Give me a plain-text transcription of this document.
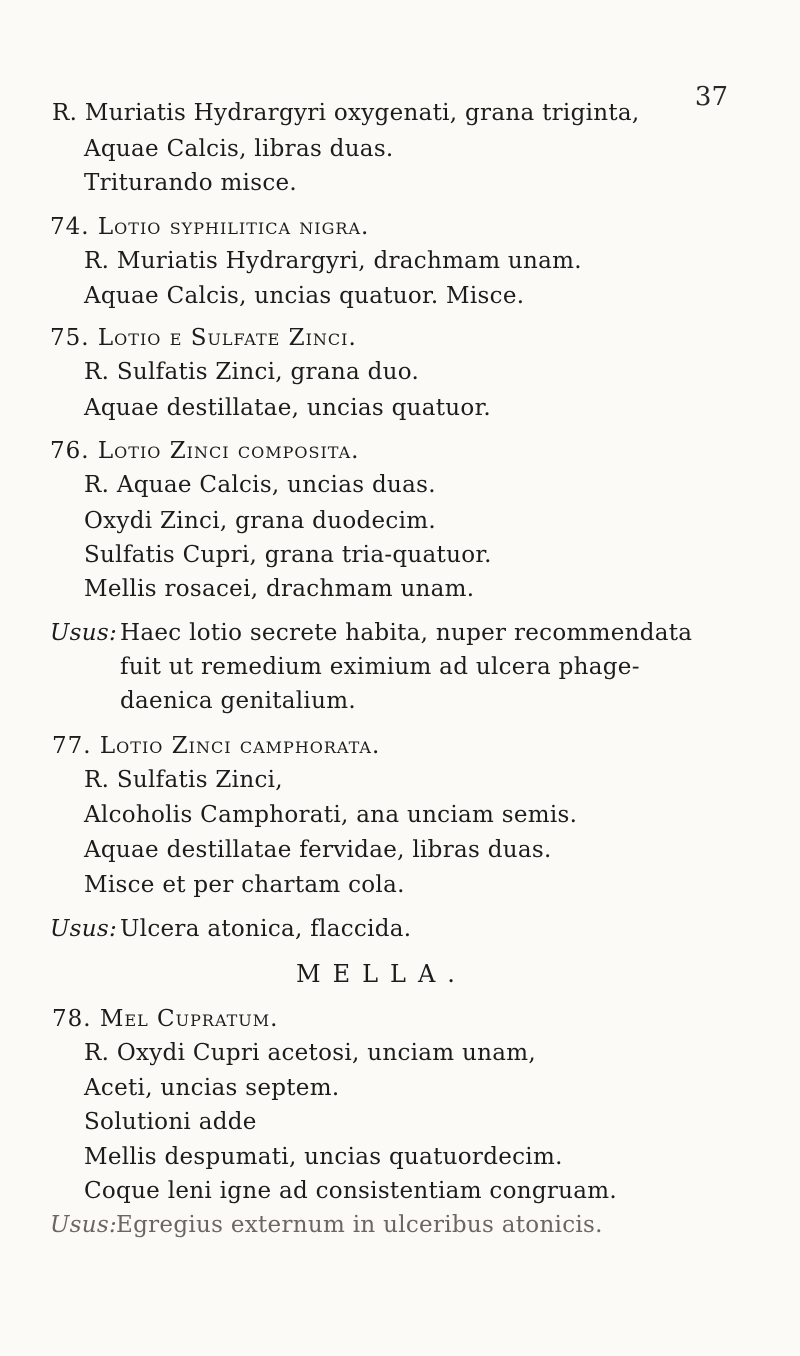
37
R. Muriatis Hydrargyri oxygenati, grana triginta,
Aquae Calcis, libras duas.
Triturando misce.
74. Lotio syphilitica nigra.
R. Muriatis Hydrargyri, drachmam unam.
Aquae Calcis, uncias quatuor. Misce.
75. Lotio e Sulfate Zinci.
R. Sulfatis Zinci, grana duo.
Aquae destillatae, uncias quatuor.
76. Lotio Zinci composita.
R. Aquae Calcis, uncias duas.
Oxydi Zinci, grana duodecim.
Sulfatis Cupri, grana tria-quatuor.
Mellis rosacei, drachmam unam.
Usus: Haec lotio secrete habita, nuper recommendata
fuit ut remedium eximium ad ulcera phage-
daenica genitalium.
77. Lotio Zinci camphorata.
R. Sulfatis Zinci,
Alcoholis Camphorati, ana unciam semis.
Aquae destillatae fervidae, libras duas.
Misce et per chartam cola.
Usus: Ulcera atonica, flaccida.
MELLA.
78. Mel Cupratum.
R. Oxydi Cupri acetosi, unciam unam,
Aceti, uncias septem.
Solutioni adde
Mellis despumati, uncias quatuordecim.
Coque leni igne ad consistentiam congruam.
Usus:
Egregius externum in ulceribus atonicis.
